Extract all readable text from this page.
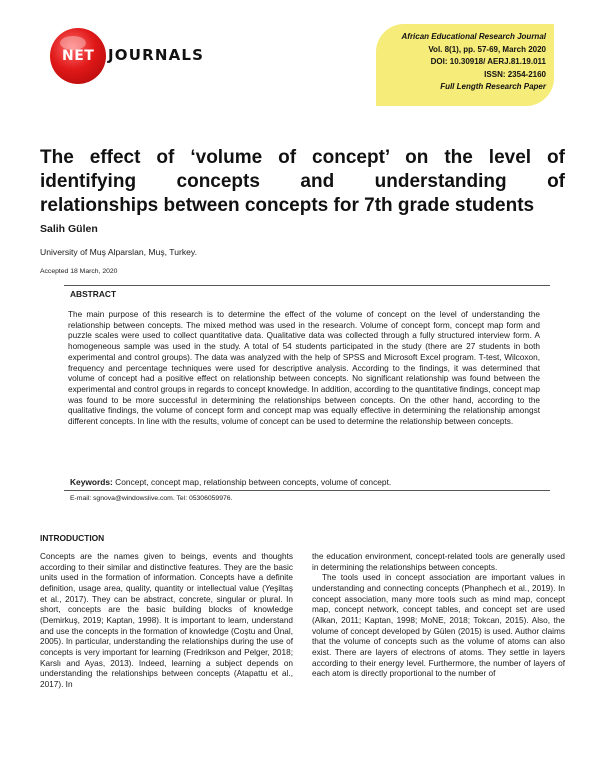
NET JOURNALS
African Educational Research Journal
Vol. 8(1), pp. 57-69, March 2020
DOI: 10.30918/ AERJ.81.19.011
ISSN: 2354-2160
Full Length Research Paper
The effect of ‘volume of concept’ on the level of
identifying concepts and understanding of
relationships between concepts for 7th grade students
Salih Gülen
University of Muş Alparslan, Muş, Turkey.
Accepted 18 March, 2020
ABSTRACT

The main purpose of this research is to determine the effect of the volume of concept on the level of understanding the relationship between concepts. The mixed method was used in the research. Volume of concept form, concept map form and puzzle scales were used to collect quantitative data. Qualitative data was collected through a fully structured interview form. A homogeneous sample was used in the study. A total of 54 students participated in the study (there are 27 students in both experimental and control groups). The data was analyzed with the help of SPSS and Microsoft Excel program. T-test, Wilcoxon, frequency and percentage techniques were used for descriptive analysis. According to the findings, it was determined that volume of concept had a positive effect on relationship between concepts. No significant relationship was found between the experimental and control groups in regards to concept knowledge. In addition, according to the quantitative findings, concept map was found to be more successful in determining the relationships between concepts. On the other hand, according to the qualitative findings, the volume of concept form and concept map was equally effective in determining the relationship amongst different concepts. In line with the results, volume of concept can be used to determine the relationship between concepts.

Keywords: Concept, concept map, relationship between concepts, volume of concept.
E-mail: sgnova@windowslive.com. Tel: 05306059976.
INTRODUCTION

Concepts are the names given to beings, events and thoughts according to their similar and distinctive features. They are the basic units used in the formation of information. Concepts have a definite definition, usage area, quality, quantity or intellectual value (Yeşiltaş et al., 2017). They can be abstract, concrete, singular or plural. In short, concepts are the basic building blocks of knowledge (Demirkuş, 2019; Kaptan, 1998). It is important to learn, understand and use the concepts in the formation of knowledge (Coştu and Ünal, 2005). In particular, understanding the relationships during the use of concepts is very important for learning (Fredrikson and Pelger, 2018; Karslı and Ayas, 2013). Indeed, learning a subject depends on understanding the relationships between concepts (Atapattu et al., 2017). In

the education environment, concept-related tools are generally used in determining the relationships between concepts.

The tools used in concept association are important values in understanding and connecting concepts (Phanphech et al., 2019). In concept association, many more tools such as mind map, concept map, concept network, concept tables, and concept set are used (Alkan, 2011; Kaptan, 1998; MoNE, 2018; Tokcan, 2015). Also, the volume of concept developed by Gülen (2015) is used. Author claims that the volume of concepts such as the volume of atoms can also exist. There are layers of electrons of atoms. They settle in layers according to their energy level. Furthermore, the number of layers of each atom is directly proportional to the number of
